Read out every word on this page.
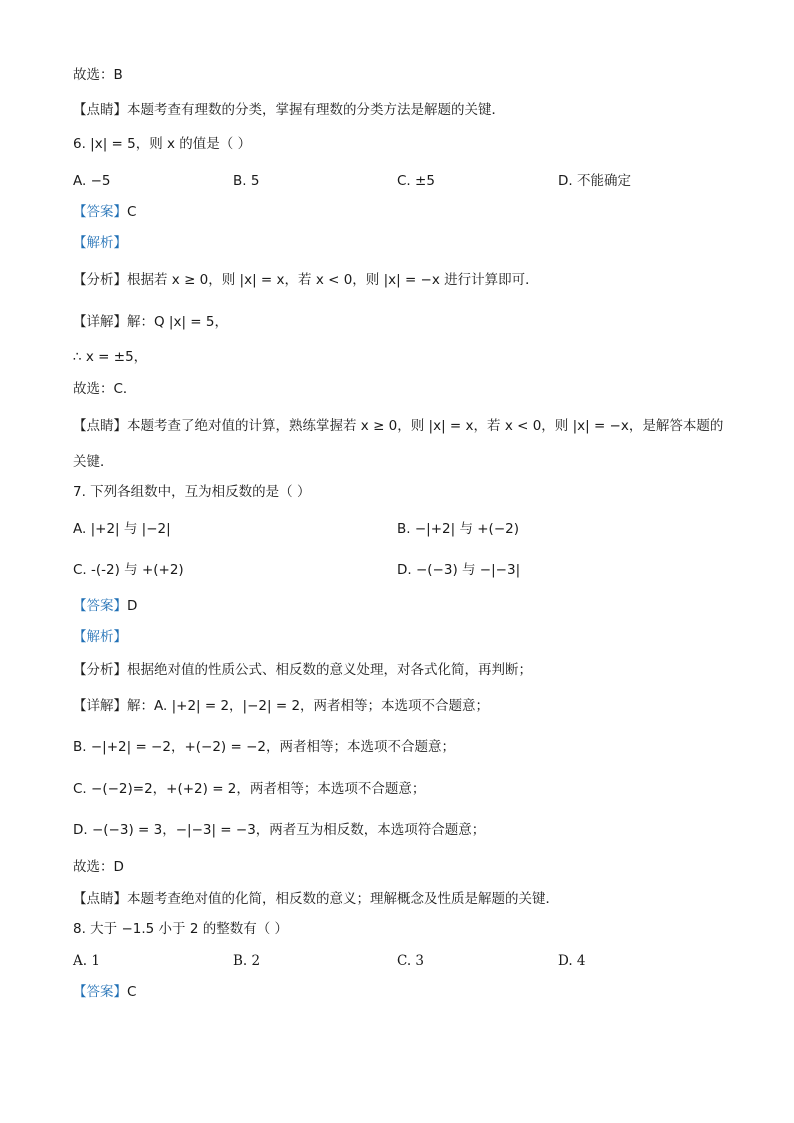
故选：B
【点睛】本题考查有理数的分类，掌握有理数的分类方法是解题的关键．
6. |x| = 5，则 x 的值是（ ）
A. −5	B. 5	C. ±5	D. 不能确定
【答案】C
【解析】
【分析】根据若 x ≥ 0，则 |x| = x，若 x < 0，则 |x| = −x 进行计算即可．
【详解】解：Q |x| = 5，
∴ x = ±5，
故选：C．
【点睛】本题考查了绝对值的计算，熟练掌握若 x ≥ 0，则 |x| = x，若 x < 0，则 |x| = −x，是解答本题的
关键．
7. 下列各组数中，互为相反数的是（ ）
A. |+2| 与 |−2|	B. −|+2| 与 +(−2)
C. -(-2) 与 +(+2)	D. −(−3) 与 −|−3|
【答案】D
【解析】
【分析】根据绝对值的性质公式、相反数的意义处理，对各式化简，再判断；
【详解】解：A. |+2| = 2，|−2| = 2，两者相等；本选项不合题意；
B. −|+2| = −2，+(−2) = −2，两者相等；本选项不合题意；
C. −(−2)=2，+(+2) = 2，两者相等；本选项不合题意；
D. −(−3) = 3，−|−3| = −3，两者互为相反数，本选项符合题意；
故选：D
【点睛】本题考查绝对值的化简，相反数的意义；理解概念及性质是解题的关键．
8. 大于 −1.5 小于 2 的整数有（ ）
A. 1	B. 2	C. 3	D. 4
【答案】C
